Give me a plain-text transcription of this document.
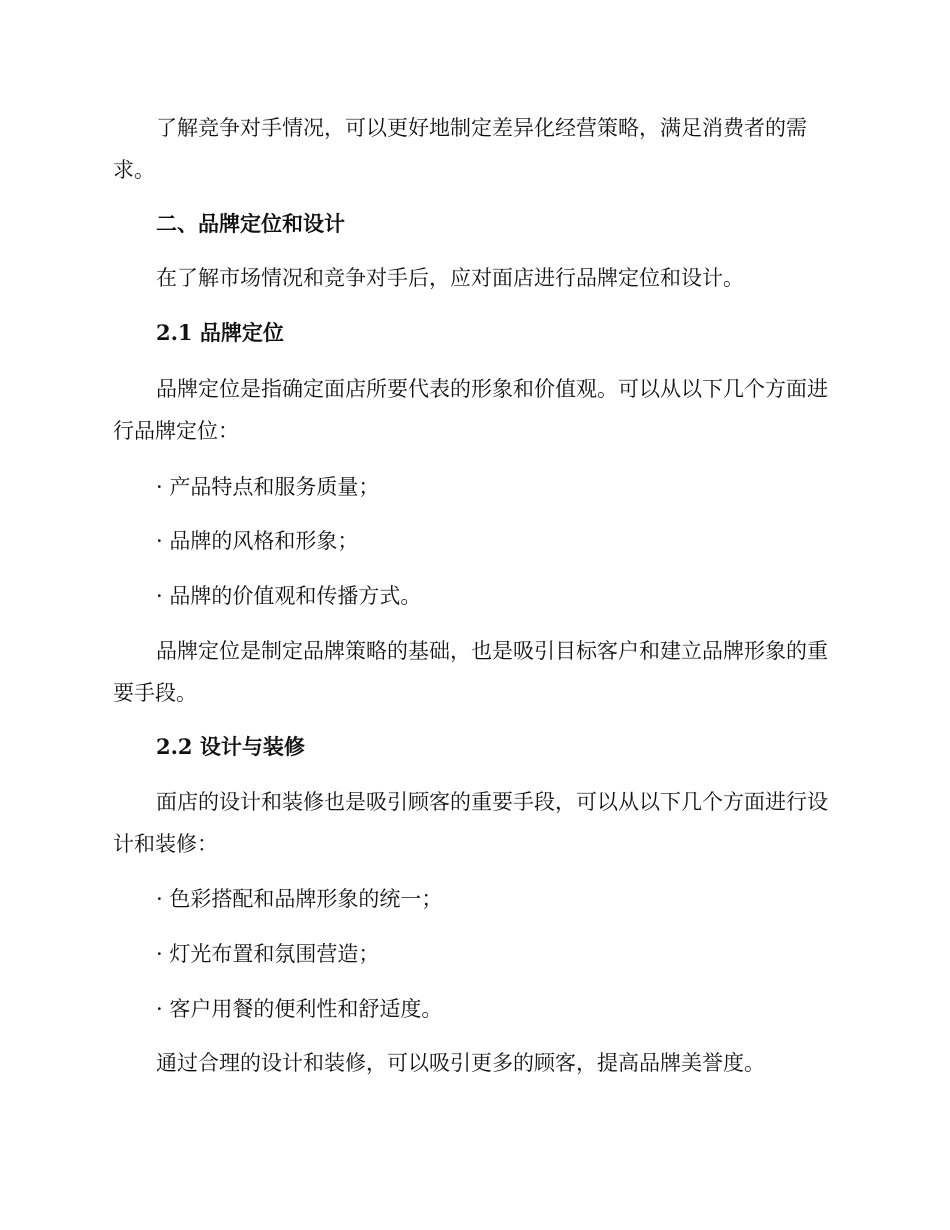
了解竞争对手情况，可以更好地制定差异化经营策略，满足消费者的需求。

二、品牌定位和设计

在了解市场情况和竞争对手后，应对面店进行品牌定位和设计。

2.1 品牌定位

品牌定位是指确定面店所要代表的形象和价值观。可以从以下几个方面进行品牌定位：

· 产品特点和服务质量；

· 品牌的风格和形象；

· 品牌的价值观和传播方式。

品牌定位是制定品牌策略的基础，也是吸引目标客户和建立品牌形象的重要手段。

2.2 设计与装修

面店的设计和装修也是吸引顾客的重要手段，可以从以下几个方面进行设计和装修：

· 色彩搭配和品牌形象的统一；

· 灯光布置和氛围营造；

· 客户用餐的便利性和舒适度。

通过合理的设计和装修，可以吸引更多的顾客，提高品牌美誉度。
